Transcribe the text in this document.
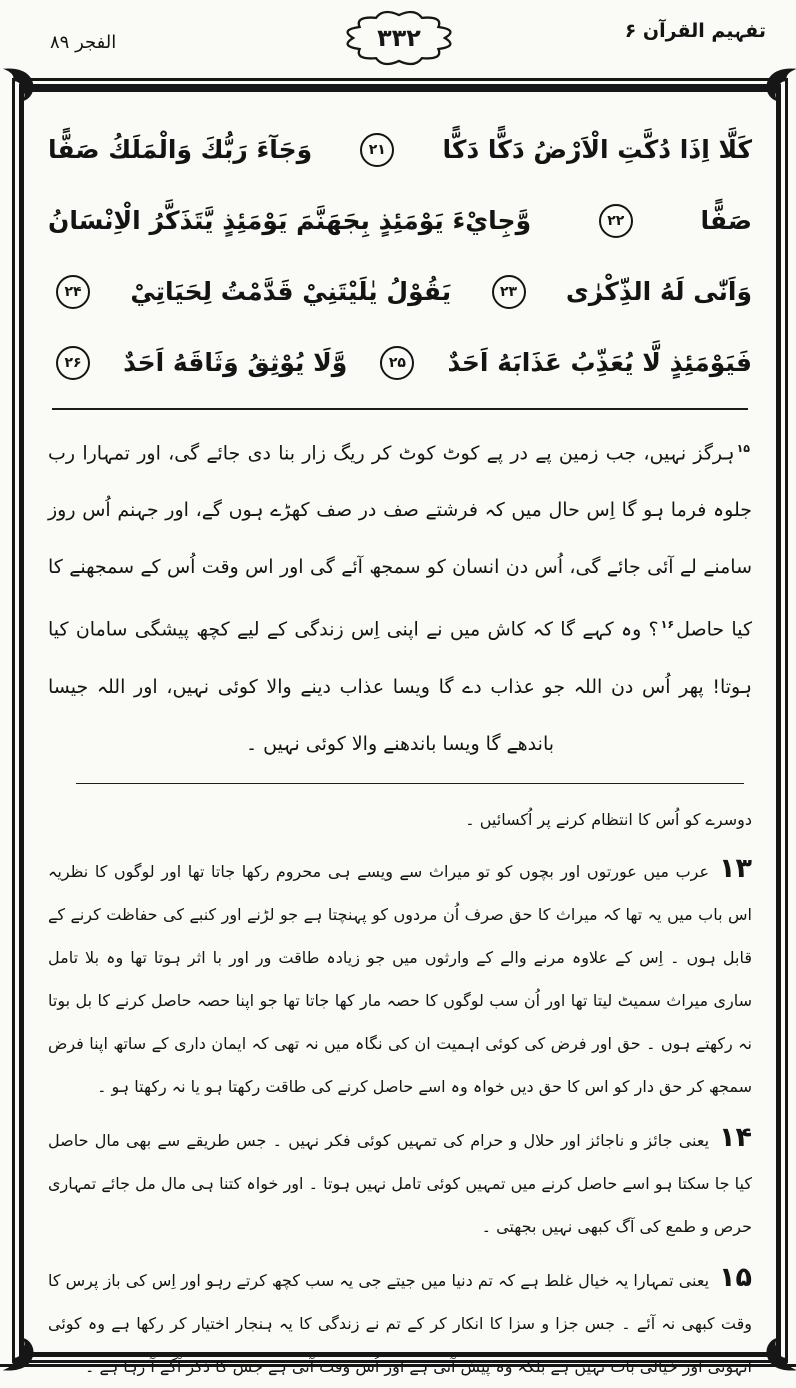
تفہیم القرآن ۶
الفجر ۸۹	۳۳۲
كَلَّا اِذَا دُكَّتِ الْاَرْضُ دَكًّا دَكًّا
۲۱
وَجَآءَ رَبُّكَ وَالْمَلَكُ صَفًّا
صَفًّا
۲۲
وَّجِايْءَ يَوْمَئِذٍ بِجَهَنَّمَ يَوْمَئِذٍ يَّتَذَكَّرُ الْاِنْسَانُ
وَاَنّٰى لَهُ الذِّكْرٰى
۲۳
يَقُوْلُ يٰلَيْتَنِيْ قَدَّمْتُ لِحَيَاتِيْ
۲۴
فَيَوْمَئِذٍ لَّا يُعَذِّبُ عَذَابَهُ اَحَدٌ
۲۵
وَّلَا يُوْثِقُ وَثَاقَهُ اَحَدٌ
۲۶
$^{۱۵}$ہرگز نہیں، جب زمین پے در پے کوٹ کوٹ کر ریگ زار بنا دی جائے گی، اور تمہارا رب جلوہ فرما ہو گا اِس حال میں کہ فرشتے صف در صف کھڑے ہوں گے، اور جہنم اُس روز سامنے لے آئی جائے گی، اُس دن انسان کو سمجھ آئے گی اور اس وقت اُس کے سمجھنے کا کیا حاصل$^{۱۶}$؟ وہ کہے گا کہ کاش میں نے اپنی اِس زندگی کے لیے کچھ پیشگی سامان کیا ہوتا! پھر اُس دن اللہ جو عذاب دے گا ویسا عذاب دینے والا کوئی نہیں، اور اللہ جیسا باندھے گا ویسا باندھنے والا کوئی نہیں ۔
دوسرے کو اُس کا انتظام کرنے پر اُکسائیں ۔
۱۳عرب میں عورتوں اور بچوں کو تو میراث سے ویسے ہی محروم رکھا جاتا تھا اور لوگوں کا نظریہ اس باب میں یہ تھا کہ میراث کا حق صرف اُن مردوں کو پہنچتا ہے جو لڑنے اور کنبے کی حفاظت کرنے کے قابل ہوں ۔ اِس کے علاوہ مرنے والے کے وارثوں میں جو زیادہ طاقت ور اور با اثر ہوتا تھا وہ بلا تامل ساری میراث سمیٹ لیتا تھا اور اُن سب لوگوں کا حصہ مار کھا جاتا تھا جو اپنا حصہ حاصل کرنے کا بل بوتا نہ رکھتے ہوں ۔ حق اور فرض کی کوئی اہمیت ان کی نگاہ میں نہ تھی کہ ایمان داری کے ساتھ اپنا فرض سمجھ کر حق دار کو اس کا حق دیں خواہ وہ اسے حاصل کرنے کی طاقت رکھتا ہو یا نہ رکھتا ہو ۔
۱۴یعنی جائز و ناجائز اور حلال و حرام کی تمہیں کوئی فکر نہیں ۔ جس طریقے سے بھی مال حاصل کیا جا سکتا ہو اسے حاصل کرنے میں تمہیں کوئی تامل نہیں ہوتا ۔ اور خواہ کتنا ہی مال مل جائے تمہاری حرص و طمع کی آگ کبھی نہیں بجھتی ۔
۱۵یعنی تمہارا یہ خیال غلط ہے کہ تم دنیا میں جیتے جی یہ سب کچھ کرتے رہو اور اِس کی باز پرس کا وقت کبھی نہ آئے ۔ جس جزا و سزا کا انکار کر کے تم نے زندگی کا یہ ہنجار اختیار کر رکھا ہے وہ کوئی انہونی اور خیالی بات نہیں ہے بلکہ وہ پیش آنی ہے اور اُس وقت آنی ہے جس کا ذکر آگے آ رہا ہے ۔
